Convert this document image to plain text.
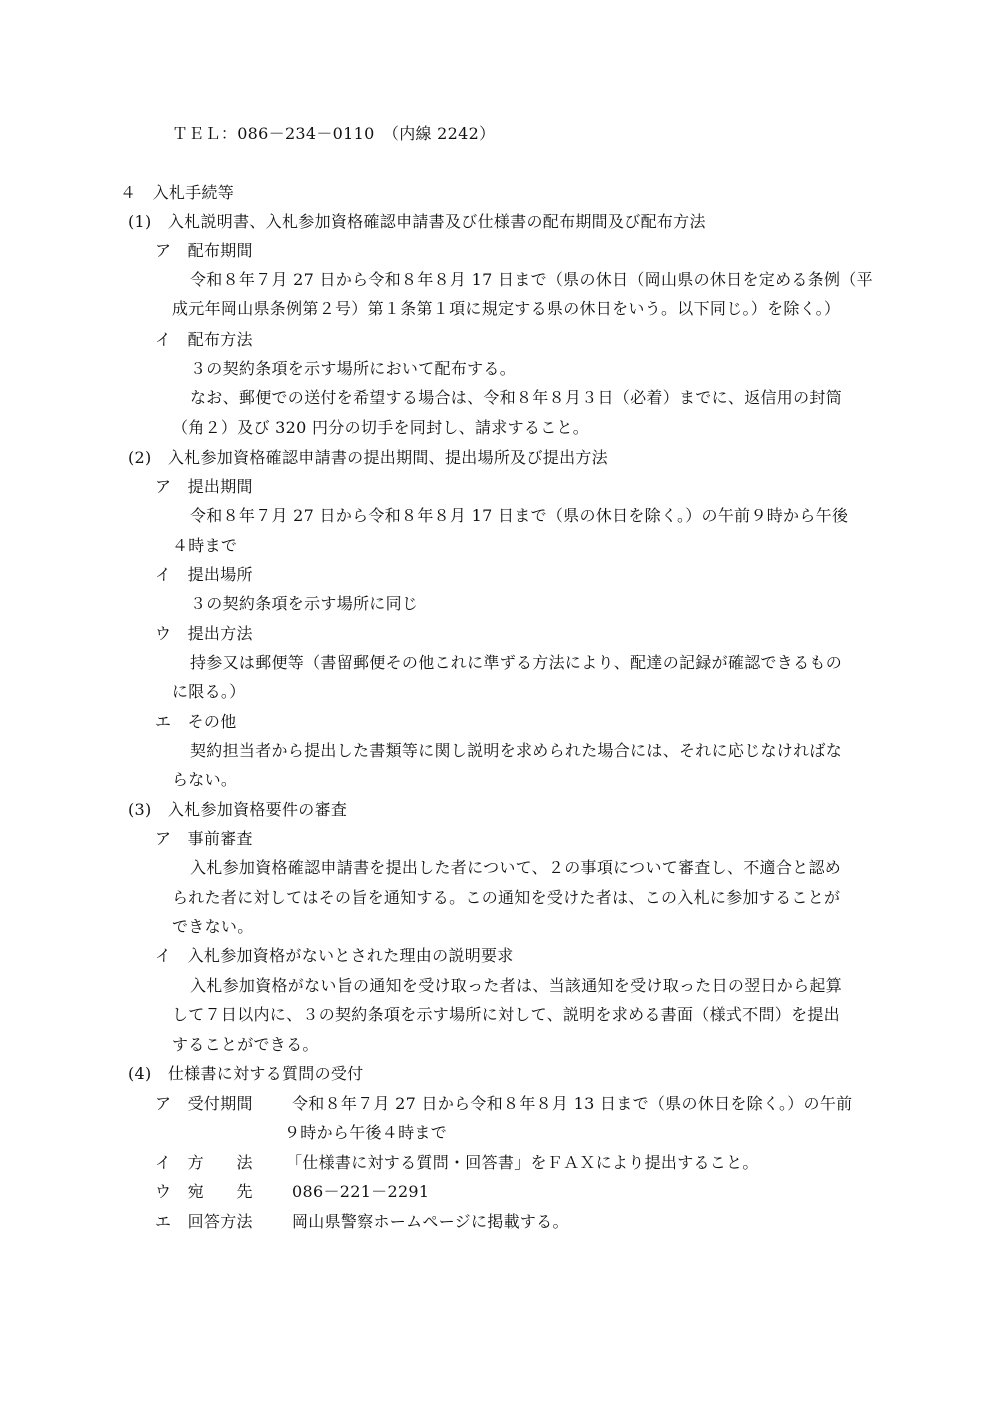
ＴＥＬ：086－234－0110　（内線 2242）
４　入札手続等
(1)　入札説明書、入札参加資格確認申請書及び仕様書の配布期間及び配布方法
ア　配布期間
令和８年７月 27 日から令和８年８月 17 日まで（県の休日（岡山県の休日を定める条例（平
成元年岡山県条例第２号）第１条第１項に規定する県の休日をいう。以下同じ。）を除く。）
イ　配布方法
３の契約条項を示す場所において配布する。
なお、郵便での送付を希望する場合は、令和８年８月３日（必着）までに、返信用の封筒
（角２）及び 320 円分の切手を同封し、請求すること。
(2)　入札参加資格確認申請書の提出期間、提出場所及び提出方法
ア　提出期間
令和８年７月 27 日から令和８年８月 17 日まで（県の休日を除く。）の午前９時から午後
４時まで
イ　提出場所
３の契約条項を示す場所に同じ
ウ　提出方法
持参又は郵便等（書留郵便その他これに準ずる方法により、配達の記録が確認できるもの
に限る。）
エ　その他
契約担当者から提出した書類等に関し説明を求められた場合には、それに応じなければな
らない。
(3)　入札参加資格要件の審査
ア　事前審査
入札参加資格確認申請書を提出した者について、２の事項について審査し、不適合と認め
られた者に対してはその旨を通知する。この通知を受けた者は、この入札に参加することが
できない。
イ　入札参加資格がないとされた理由の説明要求
入札参加資格がない旨の通知を受け取った者は、当該通知を受け取った日の翌日から起算
して７日以内に、３の契約条項を示す場所に対して、説明を求める書面（様式不問）を提出
することができる。
(4)　仕様書に対する質問の受付
ア　受付期間 令和８年７月 27 日から令和８年８月 13 日まで（県の休日を除く。）の午前
９時から午後４時まで
イ　方　　法 「仕様書に対する質問・回答書」をＦＡＸにより提出すること。
ウ　宛　　先 086－221－2291
エ　回答方法 岡山県警察ホームページに掲載する。
